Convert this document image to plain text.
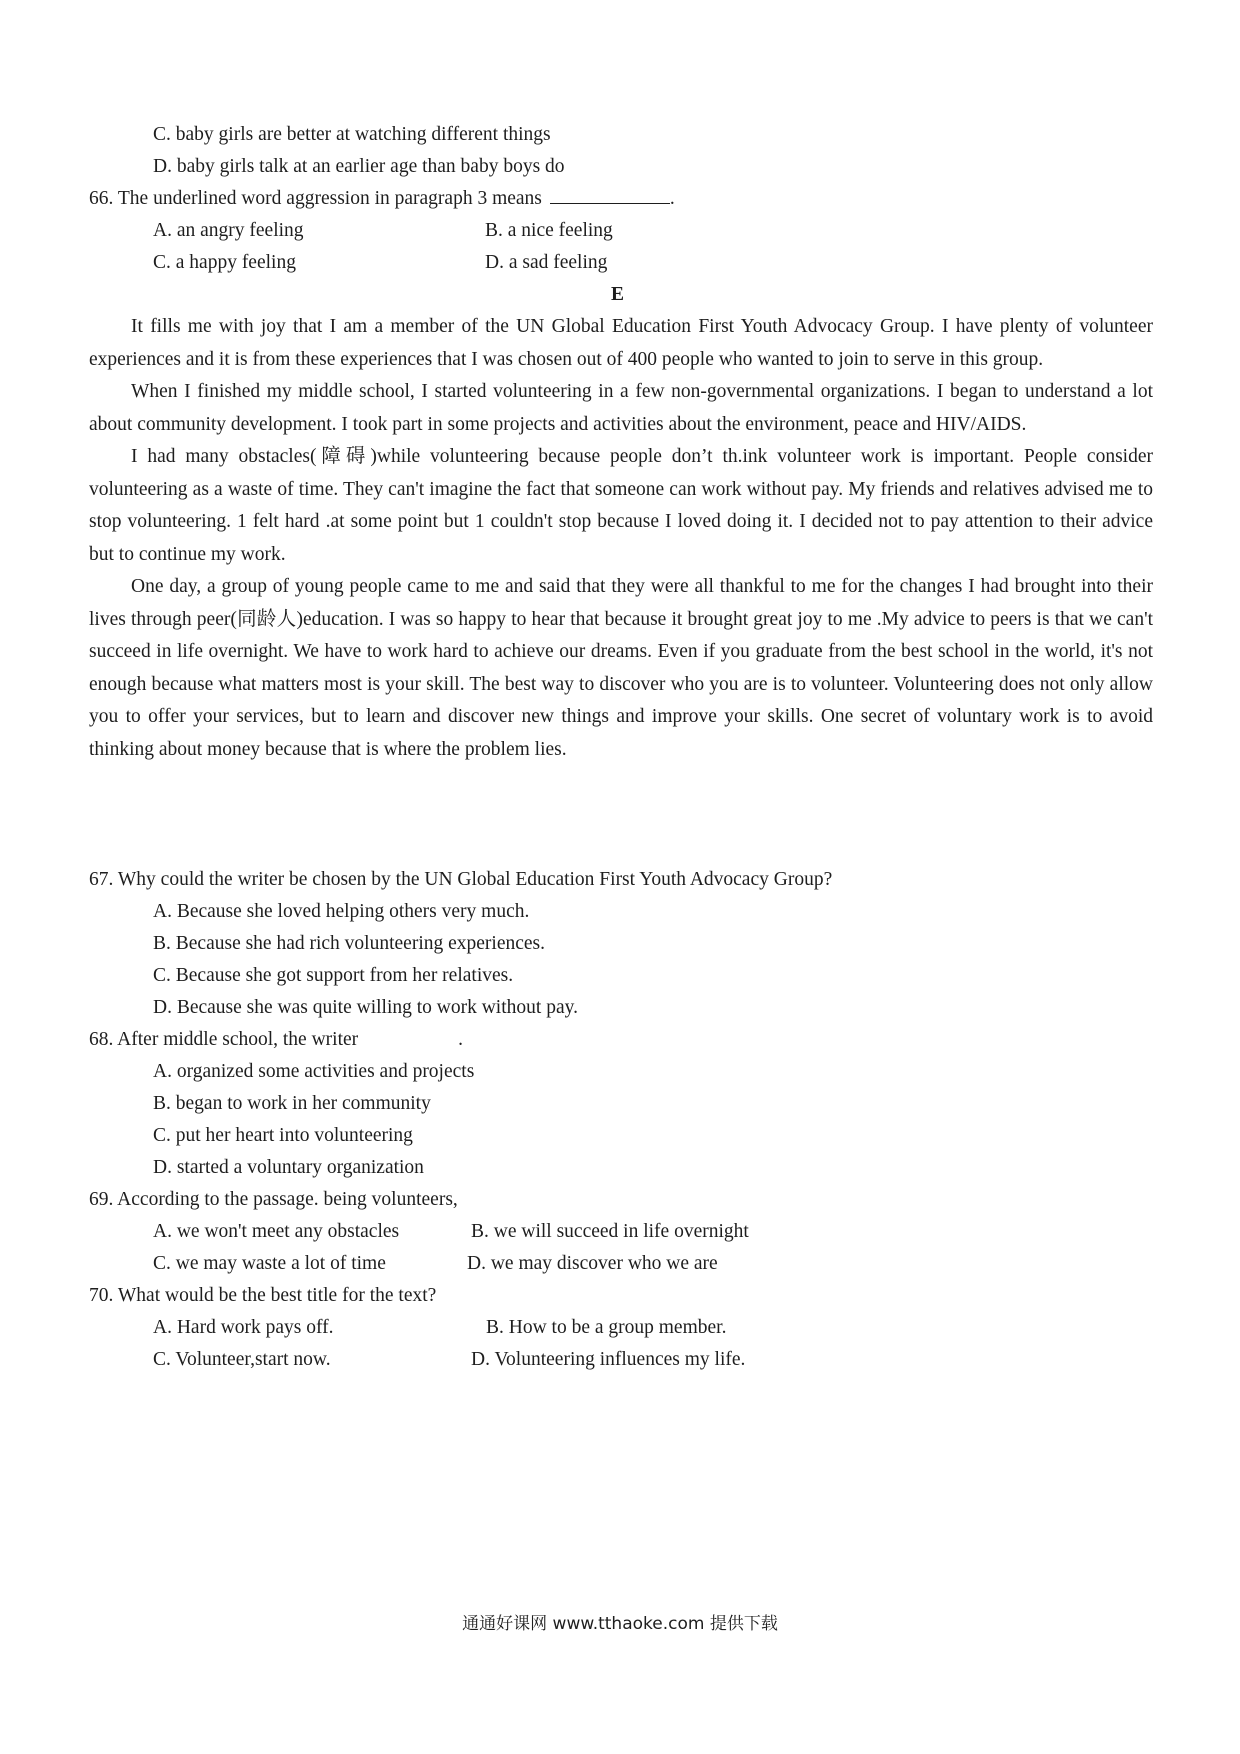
C. baby girls are better at watching different things
D. baby girls talk at an earlier age than baby boys do
66. The underlined word aggression in paragraph 3 means	.
A. an angry feeling	B. a nice feeling
C. a happy feeling	D. a sad feeling
E

It fills me with joy that I am a member of the UN Global Education First Youth Advocacy Group. I have plenty of volunteer experiences and it is from these experiences that I was chosen out of 400 people who wanted to join to serve in this group.

When I finished my middle school, I started volunteering in a few non-governmental organizations. I began to understand a lot about community development. I took part in some projects and activities about the environment, peace and HIV/AIDS.

I had many obstacles(障碍)while volunteering because people don’t th.ink volunteer work is important. People consider volunteering as a waste of time. They can't imagine the fact that someone can work without pay. My friends and relatives advised me to stop volunteering. 1 felt hard .at some point but 1 couldn't stop because I loved doing it. I decided not to pay attention to their advice but to continue my work.

One day, a group of young people came to me and said that they were all thankful to me for the changes I had brought into their lives through peer(同龄人)education. I was so happy to hear that because it brought great joy to me .My advice to peers is that we can't succeed in life overnight. We have to work hard to achieve our dreams. Even if you graduate from the best school in the world, it's not enough because what matters most is your skill. The best way to discover who you are is to volunteer. Volunteering does not only allow you to offer your services, but to learn and discover new things and improve your skills. One secret of voluntary work is to avoid thinking about money because that is where the problem lies.

67. Why could the writer be chosen by the UN Global Education First Youth Advocacy Group?
A. Because she loved helping others very much.
B. Because she had rich volunteering experiences.
C. Because she got support from her relatives.
D. Because she was quite willing to work without pay.
68. After middle school, the writer	.
A. organized some activities and projects
B. began to work in her community
C. put her heart into volunteering
D. started a voluntary organization
69. According to the passage. being volunteers,
A. we won't meet any obstacles	B. we will succeed in life overnight
C. we may waste a lot of time	D. we may discover who we are
70. What would be the best title for the text?
A. Hard work pays off.	B. How to be a group member.
C. Volunteer,start now.	D. Volunteering influences my life.
通通好课网 www.tthaoke.com 提供下载
